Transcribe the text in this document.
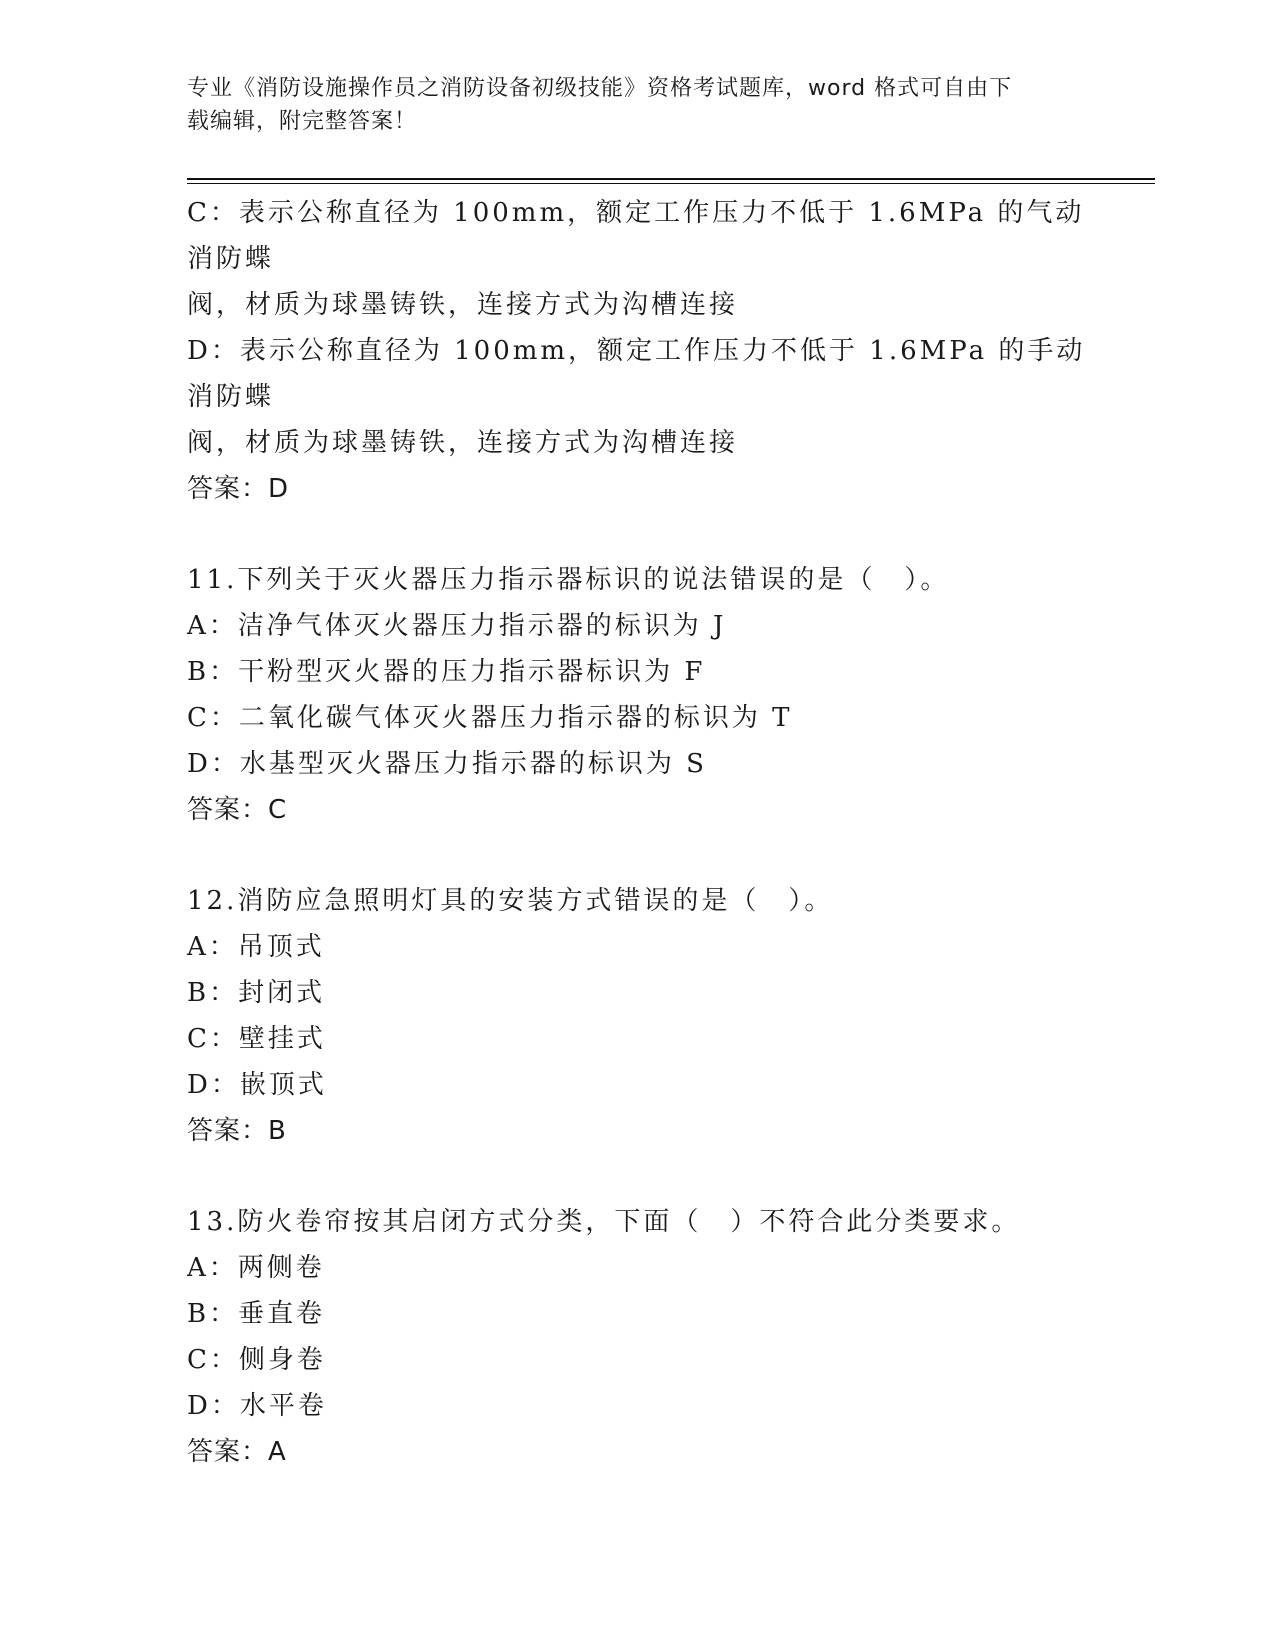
专业《消防设施操作员之消防设备初级技能》资格考试题库，word 格式可自由下
载编辑，附完整答案！
C：表示公称直径为 100mm，额定工作压力不低于 1.6MPa 的气动消防蝶
阀，材质为球墨铸铁，连接方式为沟槽连接
D：表示公称直径为 100mm，额定工作压力不低于 1.6MPa 的手动消防蝶
阀，材质为球墨铸铁，连接方式为沟槽连接
答案：D
11.下列关于灭火器压力指示器标识的说法错误的是（　）。
A：洁净气体灭火器压力指示器的标识为 J
B：干粉型灭火器的压力指示器标识为 F
C：二氧化碳气体灭火器压力指示器的标识为 T
D：水基型灭火器压力指示器的标识为 S
答案：C
12.消防应急照明灯具的安装方式错误的是（　）。
A：吊顶式
B：封闭式
C：壁挂式
D：嵌顶式
答案：B
13.防火卷帘按其启闭方式分类，下面（　）不符合此分类要求。
A：两侧卷
B：垂直卷
C：侧身卷
D：水平卷
答案：A
